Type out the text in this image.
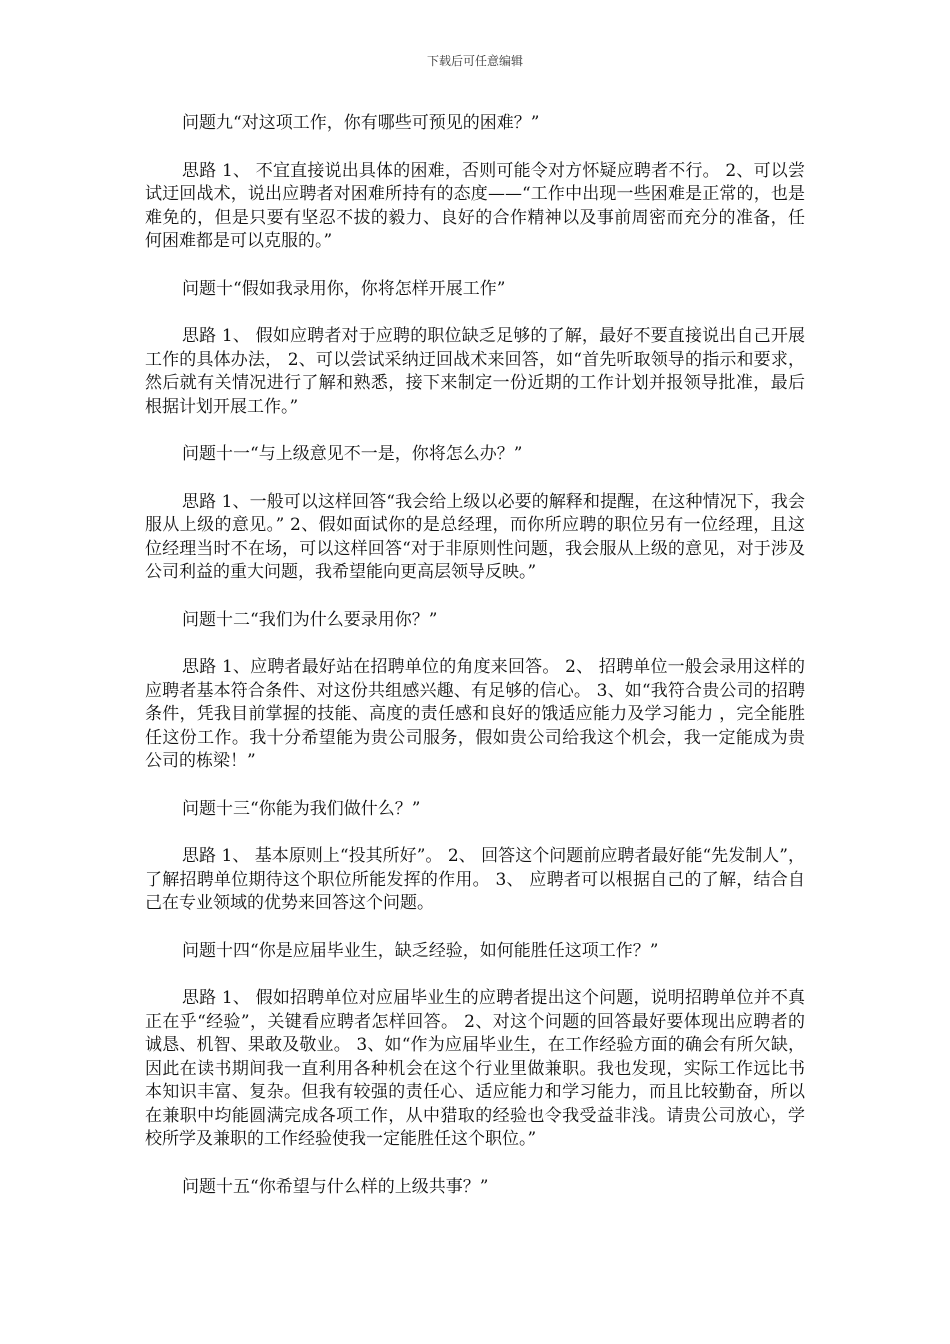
下载后可任意编辑

问题九“对这项工作，你有哪些可预见的困难？”

思路 1、 不宜直接说出具体的困难，否则可能令对方怀疑应聘者不行。 2、可以尝试迂回战术，说出应聘者对困难所持有的态度——“工作中出现一些困难是正常的，也是难免的，但是只要有坚忍不拔的毅力、良好的合作精神以及事前周密而充分的准备，任何困难都是可以克服的。”

问题十“假如我录用你，你将怎样开展工作”

思路 1、 假如应聘者对于应聘的职位缺乏足够的了解，最好不要直接说出自己开展工作的具体办法， 2、可以尝试采纳迂回战术来回答，如“首先听取领导的指示和要求，然后就有关情况进行了解和熟悉，接下来制定一份近期的工作计划并报领导批准，最后根据计划开展工作。”

问题十一“与上级意见不一是，你将怎么办？”

思路 1、一般可以这样回答“我会给上级以必要的解释和提醒，在这种情况下，我会服从上级的意见。” 2、假如面试你的是总经理，而你所应聘的职位另有一位经理，且这位经理当时不在场，可以这样回答“对于非原则性问题，我会服从上级的意见，对于涉及公司利益的重大问题，我希望能向更高层领导反映。”

问题十二“我们为什么要录用你？”

思路 1、应聘者最好站在招聘单位的角度来回答。 2、 招聘单位一般会录用这样的应聘者基本符合条件、对这份共组感兴趣、有足够的信心。 3、如“我符合贵公司的招聘条件，凭我目前掌握的技能、高度的责任感和良好的饿适应能力及学习能力 ，完全能胜任这份工作。我十分希望能为贵公司服务，假如贵公司给我这个机会，我一定能成为贵公司的栋梁！”

问题十三“你能为我们做什么？”

思路 1、 基本原则上“投其所好”。 2、 回答这个问题前应聘者最好能“先发制人”，了解招聘单位期待这个职位所能发挥的作用。 3、 应聘者可以根据自己的了解，结合自己在专业领域的优势来回答这个问题。

问题十四“你是应届毕业生，缺乏经验，如何能胜任这项工作？”

思路 1、 假如招聘单位对应届毕业生的应聘者提出这个问题，说明招聘单位并不真正在乎“经验”，关键看应聘者怎样回答。 2、对这个问题的回答最好要体现出应聘者的诚恳、机智、果敢及敬业。 3、如“作为应届毕业生，在工作经验方面的确会有所欠缺，因此在读书期间我一直利用各种机会在这个行业里做兼职。我也发现，实际工作远比书本知识丰富、复杂。但我有较强的责任心、适应能力和学习能力，而且比较勤奋，所以在兼职中均能圆满完成各项工作，从中猎取的经验也令我受益非浅。请贵公司放心，学校所学及兼职的工作经验使我一定能胜任这个职位。”

问题十五“你希望与什么样的上级共事？”
